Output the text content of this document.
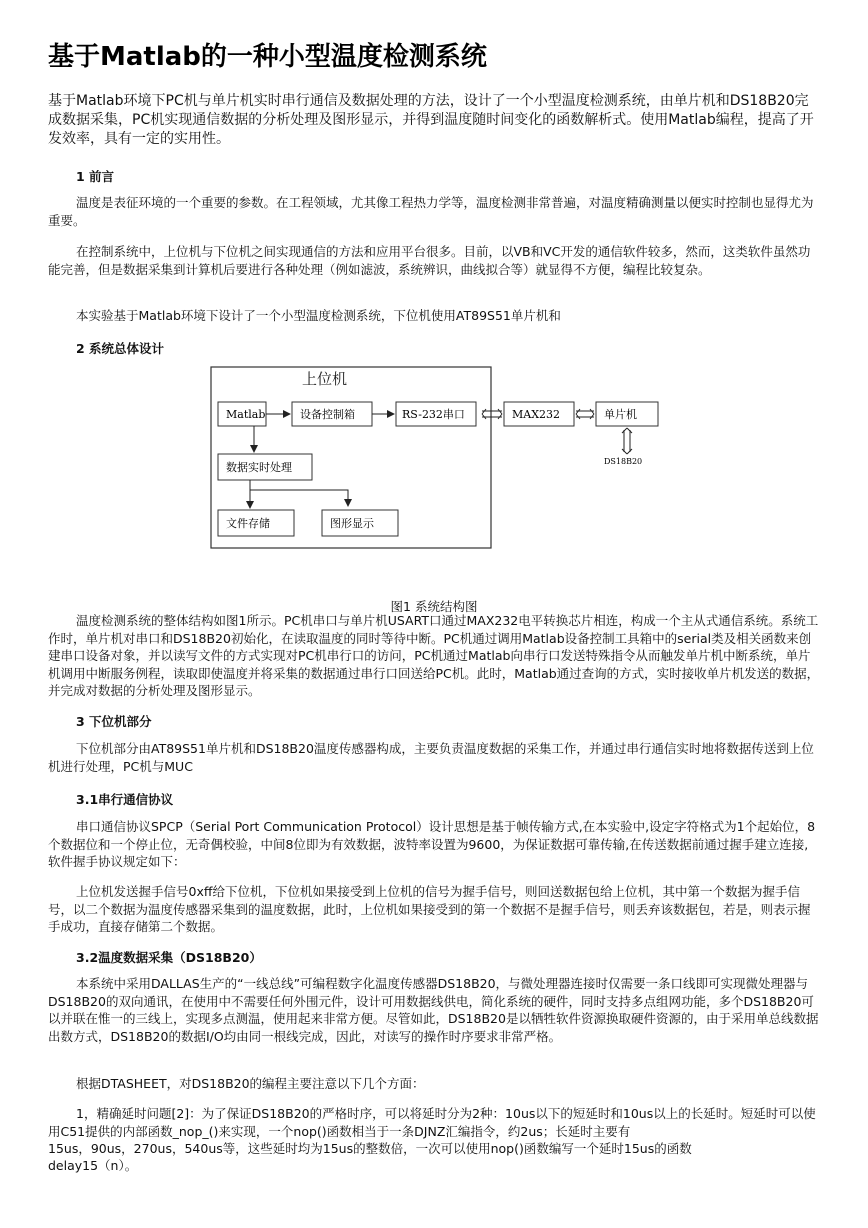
基于Matlab的一种小型温度检测系统

基于Matlab环境下PC机与单片机实时串行通信及数据处理的方法，设计了一个小型温度检测系统，由单片机和DS18B20完成数据采集，PC机实现通信数据的分析处理及图形显示，并得到温度随时间变化的函数解析式。使用Matlab编程，提高了开发效率，具有一定的实用性。

1 前言

温度是表征环境的一个重要的参数。在工程领域，尤其像工程热力学等，温度检测非常普遍，对温度精确测量以便实时控制也显得尤为重要。

在控制系统中，上位机与下位机之间实现通信的方法和应用平台很多。目前，以VB和VC开发的通信软件较多，然而，这类软件虽然功能完善，但是数据采集到计算机后要进行各种处理（例如滤波，系统辨识，曲线拟合等）就显得不方便，编程比较复杂。

本实验基于Matlab环境下设计了一个小型温度检测系统，下位机使用AT89S51单片机和

2 系统总体设计

上位机
Matlab	设备控制箱	RS-232串口	MAX232	单片机
DS18B20
数据实时处理
文件存储	图形显示

图1 系统结构图

温度检测系统的整体结构如图1所示。PC机串口与单片机USART口通过MAX232电平转换芯片相连，构成一个主从式通信系统。系统工作时，单片机对串口和DS18B20初始化，在读取温度的同时等待中断。PC机通过调用Matlab设备控制工具箱中的serial类及相关函数来创建串口设备对象，并以读写文件的方式实现对PC机串行口的访问，PC机通过Matlab向串行口发送特殊指令从而触发单片机中断系统，单片机调用中断服务例程，读取即使温度并将采集的数据通过串行口回送给PC机。此时，Matlab通过查询的方式，实时接收单片机发送的数据，并完成对数据的分析处理及图形显示。

3 下位机部分

下位机部分由AT89S51单片机和DS18B20温度传感器构成，主要负责温度数据的采集工作，并通过串行通信实时地将数据传送到上位机进行处理，PC机与MUC

3.1串行通信协议

串口通信协议SPCP（Serial Port Communication Protocol）设计思想是基于帧传输方式,在本实验中,设定字符格式为1个起始位，8个数据位和一个停止位，无奇偶校验，中间8位即为有效数据，波特率设置为9600，为保证数据可靠传输,在传送数据前通过握手建立连接,软件握手协议规定如下：

上位机发送握手信号0xff给下位机，下位机如果接受到上位机的信号为握手信号，则回送数据包给上位机，其中第一个数据为握手信号，以二个数据为温度传感器采集到的温度数据，此时，上位机如果接受到的第一个数据不是握手信号，则丢弃该数据包，若是，则表示握手成功，直接存储第二个数据。

3.2温度数据采集（DS18B20）

本系统中采用DALLAS生产的“一线总线”可编程数字化温度传感器DS18B20，与微处理器连接时仅需要一条口线即可实现微处理器与DS18B20的双向通讯，在使用中不需要任何外围元件，设计可用数据线供电，简化系统的硬件，同时支持多点组网功能，多个DS18B20可以并联在惟一的三线上，实现多点测温，使用起来非常方便。尽管如此，DS18B20是以牺牲软件资源换取硬件资源的，由于采用单总线数据出数方式，DS18B20的数据I/O均由同一根线完成，因此，对读写的操作时序要求非常严格。

根据DTASHEET，对DS18B20的编程主要注意以下几个方面：

1，精确延时问题[2]：为了保证DS18B20的严格时序，可以将延时分为2种：10us以下的短延时和10us以上的长延时。短延时可以使用C51提供的内部函数_nop_()来实现，一个nop()函数相当于一条DJNZ汇编指令，约2us；长延时主要有

15us，90us，270us，540us等，这些延时均为15us的整数倍，一次可以使用nop()函数编写一个延时15us的函数

delay15（n）。
